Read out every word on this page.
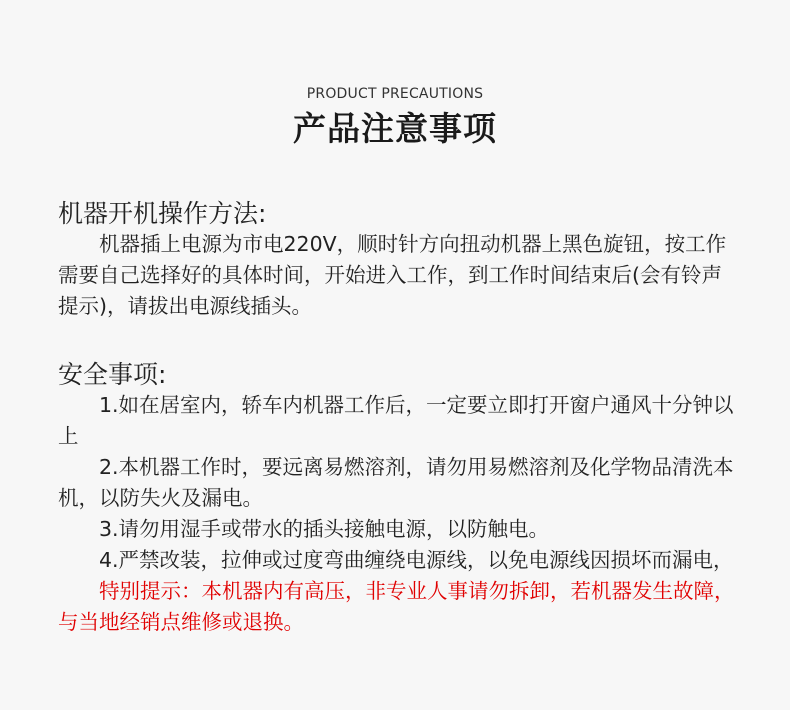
PRODUCT PRECAUTIONS
产品注意事项
机器开机操作方法:

机器插上电源为市电220V，顺时针方向扭动机器上黑色旋钮，按工作需要自己选择好的具体时间，开始进入工作，到工作时间结束后(会有铃声提示)，请拔出电源线插头。

安全事项:

1.如在居室内，轿车内机器工作后，一定要立即打开窗户通风十分钟以上

2.本机器工作时，要远离易燃溶剂，请勿用易燃溶剂及化学物品清洗本机，以防失火及漏电。

3.请勿用湿手或带水的插头接触电源，以防触电。

4.严禁改装，拉伸或过度弯曲缠绕电源线，以免电源线因损坏而漏电，

特别提示：本机器内有高压，非专业人事请勿拆卸，若机器发生故障，与当地经销点维修或退换。
